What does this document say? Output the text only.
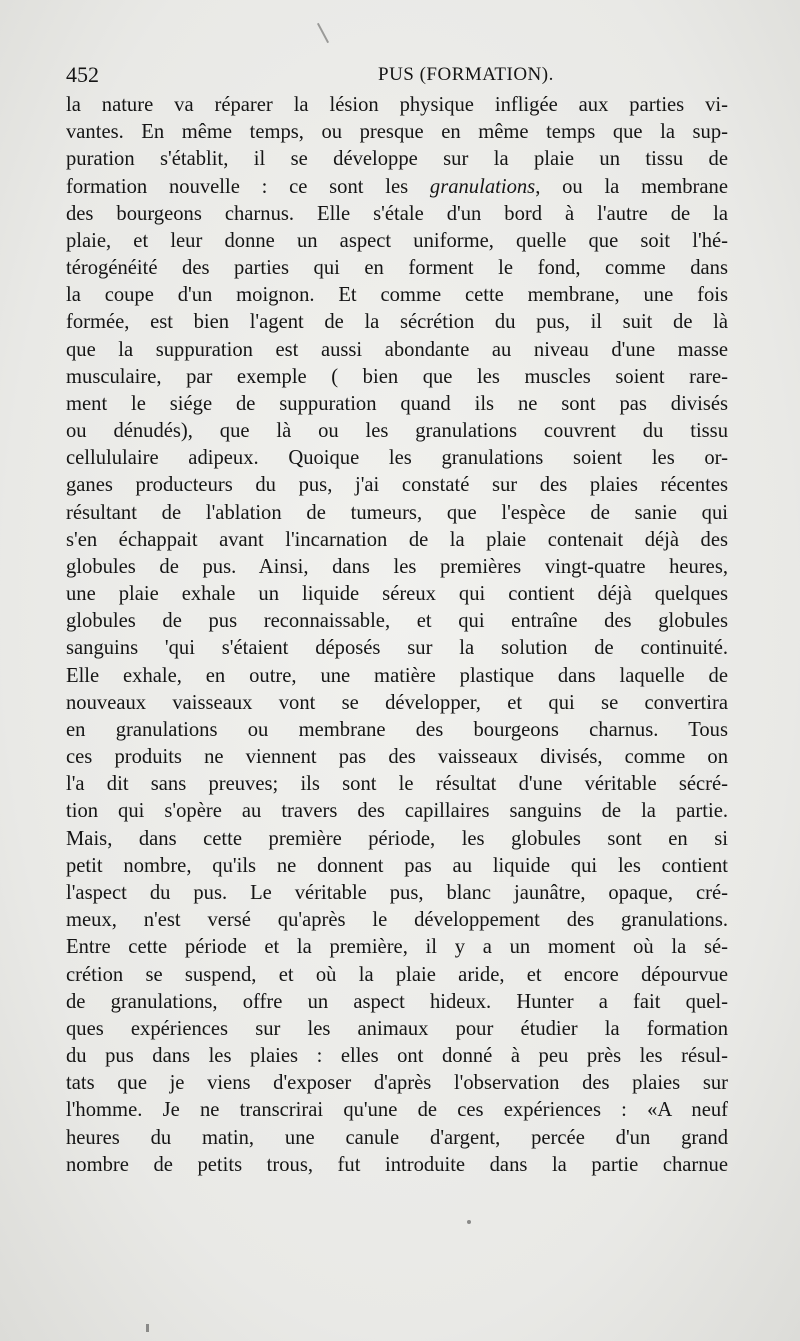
452	PUS (FORMATION).
la nature va réparer la lésion physique infligée aux parties vi-
vantes. En même temps, ou presque en même temps que la sup-
puration s'établit, il se développe sur la plaie un tissu de
formation nouvelle : ce sont les granulations, ou la membrane
des bourgeons charnus. Elle s'étale d'un bord à l'autre de la
plaie, et leur donne un aspect uniforme, quelle que soit l'hé-
térogénéité des parties qui en forment le fond, comme dans
la coupe d'un moignon. Et comme cette membrane, une fois
formée, est bien l'agent de la sécrétion du pus, il suit de là
que la suppuration est aussi abondante au niveau d'une masse
musculaire, par exemple ( bien que les muscles soient rare-
ment le siége de suppuration quand ils ne sont pas divisés
ou dénudés), que là ou les granulations couvrent du tissu
cellululaire adipeux. Quoique les granulations soient les or-
ganes producteurs du pus, j'ai constaté sur des plaies récentes
résultant de l'ablation de tumeurs, que l'espèce de sanie qui
s'en échappait avant l'incarnation de la plaie contenait déjà des
globules de pus. Ainsi, dans les premières vingt-quatre heures,
une plaie exhale un liquide séreux qui contient déjà quelques
globules de pus reconnaissable, et qui entraîne des globules
sanguins 'qui s'étaient déposés sur la solution de continuité.
Elle exhale, en outre, une matière plastique dans laquelle de
nouveaux vaisseaux vont se développer, et qui se convertira
en granulations ou membrane des bourgeons charnus. Tous
ces produits ne viennent pas des vaisseaux divisés, comme on
l'a dit sans preuves; ils sont le résultat d'une véritable sécré-
tion qui s'opère au travers des capillaires sanguins de la partie.
Mais, dans cette première période, les globules sont en si
petit nombre, qu'ils ne donnent pas au liquide qui les contient
l'aspect du pus. Le véritable pus, blanc jaunâtre, opaque, cré-
meux, n'est versé qu'après le développement des granulations.
Entre cette période et la première, il y a un moment où la sé-
crétion se suspend, et où la plaie aride, et encore dépourvue
de granulations, offre un aspect hideux. Hunter a fait quel-
ques expériences sur les animaux pour étudier la formation
du pus dans les plaies : elles ont donné à peu près les résul-
tats que je viens d'exposer d'après l'observation des plaies sur
l'homme. Je ne transcrirai qu'une de ces expériences : «A neuf
heures du matin, une canule d'argent, percée d'un grand
nombre de petits trous, fut introduite dans la partie charnue
